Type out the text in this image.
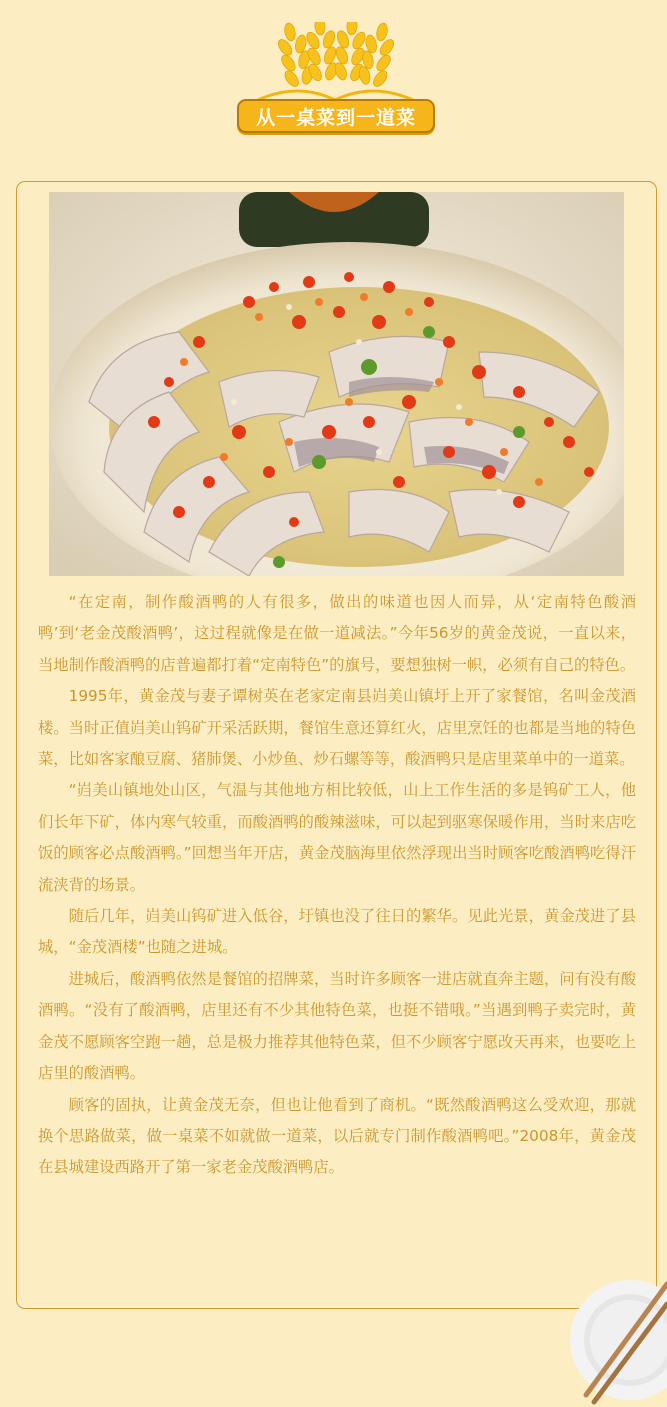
从一桌菜到一道菜

“在定南，制作酸酒鸭的人有很多，做出的味道也因人而异，从‘定南特色酸酒鸭’到‘老金茂酸酒鸭’，这过程就像是在做一道减法。”今年56岁的黄金茂说，一直以来，当地制作酸酒鸭的店普遍都打着“定南特色”的旗号，要想独树一帜，必须有自己的特色。

1995年，黄金茂与妻子谭树英在老家定南县岿美山镇圩上开了家餐馆，名叫金茂酒楼。当时正值岿美山钨矿开采活跃期，餐馆生意还算红火，店里烹饪的也都是当地的特色菜，比如客家酿豆腐、猪肺煲、小炒鱼、炒石螺等等，酸酒鸭只是店里菜单中的一道菜。

“岿美山镇地处山区，气温与其他地方相比较低，山上工作生活的多是钨矿工人，他们长年下矿，体内寒气较重，而酸酒鸭的酸辣滋味，可以起到驱寒保暖作用，当时来店吃饭的顾客必点酸酒鸭。”回想当年开店，黄金茂脑海里依然浮现出当时顾客吃酸酒鸭吃得汗流浃背的场景。

随后几年，岿美山钨矿进入低谷，圩镇也没了往日的繁华。见此光景，黄金茂进了县城，“金茂酒楼”也随之进城。

进城后，酸酒鸭依然是餐馆的招牌菜，当时许多顾客一进店就直奔主题，问有没有酸酒鸭。“没有了酸酒鸭，店里还有不少其他特色菜，也挺不错哦。”当遇到鸭子卖完时，黄金茂不愿顾客空跑一趟，总是极力推荐其他特色菜，但不少顾客宁愿改天再来，也要吃上店里的酸酒鸭。

顾客的固执，让黄金茂无奈，但也让他看到了商机。“既然酸酒鸭这么受欢迎，那就换个思路做菜，做一桌菜不如就做一道菜，以后就专门制作酸酒鸭吧。”2008年，黄金茂在县城建设西路开了第一家老金茂酸酒鸭店。
